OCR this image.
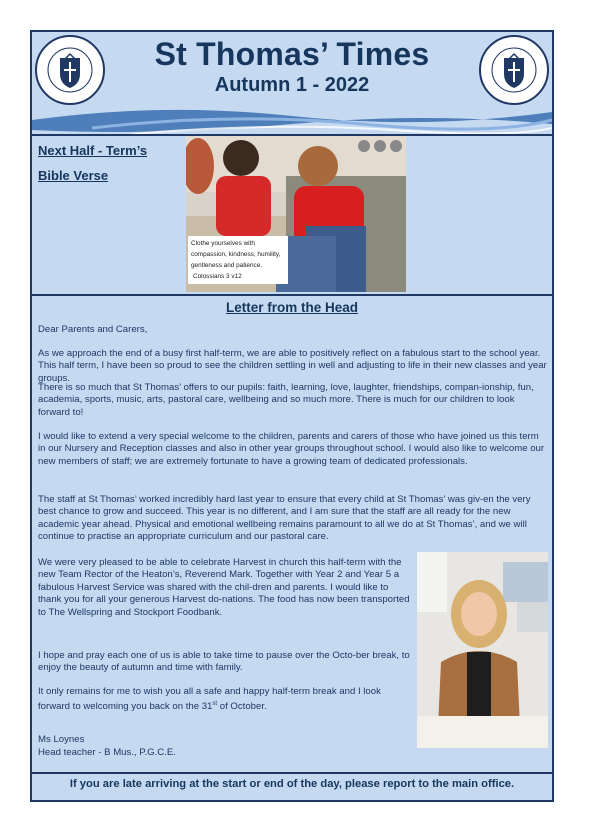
St Thomas’ Times
Autumn 1 - 2022
Next Half - Term’s
Bible Verse
Clothe yourselves with
compassion, kindness, humility,
gentleness and patience.
Colossians 3 v12
Letter from the Head

Dear Parents and Carers,

As we approach the end of a busy first half-term, we are able to positively reflect on a fabulous start to the school year. This half term, I have been so proud to see the children settling in well and adjusting to life in their new classes and year groups.

There is so much that St Thomas’ offers to our pupils: faith, learning, love, laughter, friendships, compan-ionship, fun, academia, sports, music, arts, pastoral care, wellbeing and so much more. There is much for our children to look forward to!

I would like to extend a very special welcome to the children, parents and carers of those who have joined us this term in our Nursery and Reception classes and also in other year groups throughout school. I would also like to welcome our new members of staff; we are extremely fortunate to have a growing team of dedicated professionals.

The staff at St Thomas’ worked incredibly hard last year to ensure that every child at St Thomas’ was giv-en the very best chance to grow and succeed. This year is no different, and I am sure that the staff are all ready for the new academic year ahead. Physical and emotional wellbeing remains paramount to all we do at St Thomas’, and we will continue to practise an appropriate curriculum and our pastoral care.

We were very pleased to be able to celebrate Harvest in church this half-term with the new Team Rector of the Heaton’s, Reverend Mark. Together with Year 2 and Year 5 a fabulous Harvest Service was shared with the chil-dren and parents. I would like to thank you for all your generous Harvest do-nations. The food has now been transported to The Wellspring and Stockport Foodbank.

I hope and pray each one of us is able to take time to pause over the Octo-ber break, to enjoy the beauty of autumn and time with family.

It only remains for me to wish you all a safe and happy half-term break and I look forward to welcoming you back on the 31st of October.

Ms Loynes

Head teacher - B Mus., P.G.C.E.

If you are late arriving at the start or end of the day, please report to the main office.
